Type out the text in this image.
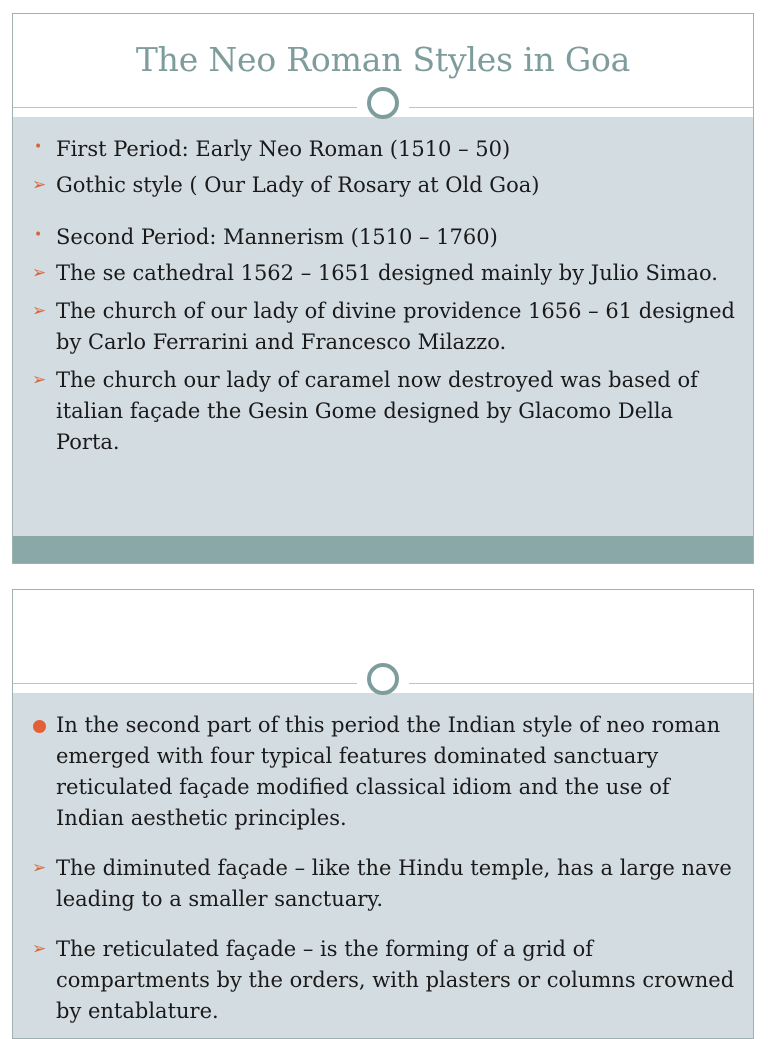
The Neo Roman Styles in Goa
• First Period: Early Neo Roman (1510 – 50)
➢ Gothic style ( Our Lady of Rosary at Old Goa)
• Second Period: Mannerism (1510 – 1760)
➢ The se cathedral 1562 – 1651 designed mainly by Julio Simao.
➢ The church of our lady of divine providence 1656 – 61 designed by Carlo Ferrarini and Francesco Milazzo.
➢ The church our lady of caramel now destroyed was based of italian façade the Gesin Gome designed by Glacomo Della Porta.
In the second part of this period the Indian style of neo roman emerged with four typical features dominated sanctuary reticulated façade modified classical idiom and the use of Indian aesthetic principles.
➢ The diminuted façade – like the Hindu temple, has a large nave leading to a smaller sanctuary.
➢ The reticulated façade – is the forming of a grid of compartments by the orders, with plasters or columns crowned by entablature.
